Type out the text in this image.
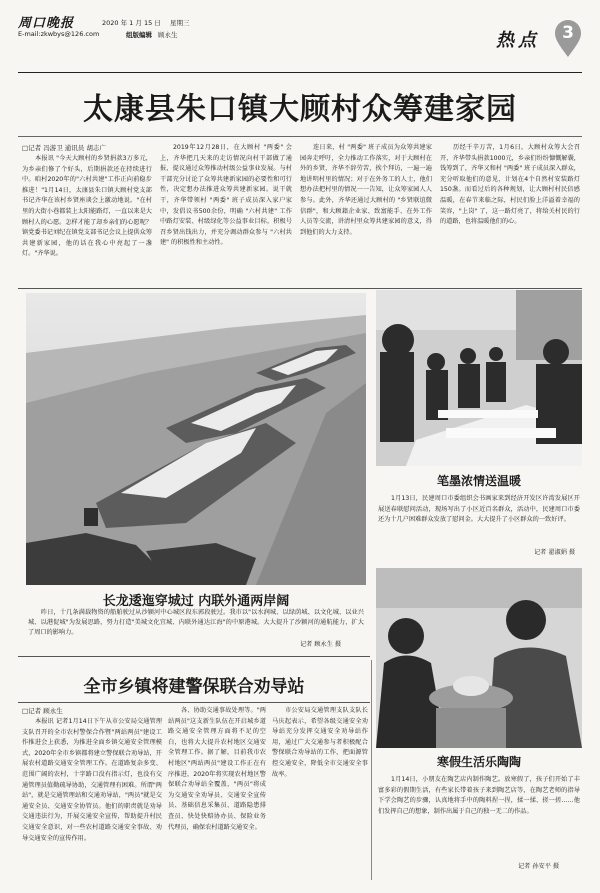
周口晚报
E-mail:zkwbys@126.com
2020 年 1 月 15 日 星期三
组版编辑 顾永生	热点	3
太康县朱口镇大顾村众筹建家园
□记者 冯游卫 通讯员 胡志广

本报讯 "今天大顾村的乡贤捐款3万多元，为乡亲们修了个好头，后期捐款还在持续进行中。咱村2020年的"六村共建"工作正向前稳步推进！"1月14日，太康县朱口镇大顾村党支部书记齐华在该村乡贤座谈会上激动地说。"在村里的大街小巷都装上太阳能路灯，一直以来是大顾村人的心愿。怎样才能了却乡亲们的心愿呢？镇党委书记刘纪在镇党支部书记会议上提供众筹共建新家园，他的话在我心中亮起了一盏灯。"齐华说。

2019年12月28日，在大顾村 "两委" 会上，齐华把几天来的走访情况向村干部做了通报，提议通过众筹推动村级公益事业发展。与村干部充分讨论了众筹共建新家园的必要性和可行性，决定想办法推进众筹共建新家园。说干就干，齐华带领村 "两委" 班子成员深入家户家中，发倡议书500余份，明确 "六村共建" 工作中路灯安装、村级绿化等公益事业目标，积极号召乡贤出钱出力，并充分调动群众参与 "六村共建" 的积极性和主动性。

连日来，村 "两委" 班子成员为众筹共建家园奔走呼吁，全力推动工作落实，对于大顾村在外的乡贤，齐华不辞劳苦，挨个拜访，一遍一遍地讲明村里的情况；对于在外务工的人士，他们想办法把村里的情况一一告知，让众筹家园人人参与。此外，齐华还通过大顾村的 "乡贤联谊微信群"，和大顾籍企业家、致富能手、在外工作人员等交流，讲清村里众筹共建家园的意义，得到他们的大力支持。

历经千辛万苦，1月6日，大顾村众筹大会召开，齐华带头捐款1000元，乡亲们纷纷慷慨解囊，钱筹到了，齐华又和村 "两委" 班子成员深入群众，充分听取他们的意见，计划在4个自然村安装路灯150盏。而看过后的各种规划，让大顾村村民倍感温暖，在春节来临之际，村民们脸上洋溢着幸福的笑容，"上岗" 了，这一路灯亮了，将给关村民的行的道路，也将温暖他们的心。

长龙逶迤穿城过 内联外通两岸阔

昨日，十几条满载物资的船舶驶过从沙颍河中心城区段东郭段驶过。我市以"以水润城、以绿荫城、以文化城、以业兴城、以港促城"为发展思路，努力打造"美城文化宜城、内联外通达江海"的中原港城。大大提升了沙颍河的通航能力，扩大了周口的影响力。

记者 顾永生 摄
笔墨浓情送温暖

1月13日，民建周口市委组织会书画家来到经济开发区许湾发展区开展送春联慰问活动，现场写出了小区近百名群众，活动中，民建周口市委还为十几户困难群众发放了慰问金。大大提升了小区群众的一致好评。

记者 翟淑娟 摄
寒假生活乐陶陶

1月14日，小朋友在陶艺店内制作陶艺。放寒假了，孩子们开始了丰富多彩的假期生活，有些家长带着孩子来到陶艺店等，在陶艺老师的指导下学会陶艺的步骤，认真地将手中的陶料捏一捏，揉一揉、搓一搓……他们发挥自己的想象，制作出属于自己的独一无二的作品。

记者 孙安平 摄
全市乡镇将建警保联合劝导站
□记者 顾永生

本报讯 记者1月14日下午从市公安局交通管理支队召开的全市农村警保合作暨"两站两员"建设工作推进会上获悉，为推进全面乡镇交通安全管理模式，2020年全市乡镇都将建立警保联合劝导站，开展农村道路交通安全管理工作。在道路复杂多变、范围广阔的农村，十字路口没有指示灯，也没有交通管理员值勤疏导协助，交通管理有困难。所谓"两站"，就是交通管理站和交通劝导站，"两员"就是交通安全员、交通安全协管员。他们的职责就是劝导交通违法行为，开展交通安全宣传，帮助提升村民交通安全意识，对一些农村道路交通安全事故、劝导交通安全的宣传作用。

各、协助交通事故处理等。"两站两员"这支新生队伍在开启城乡道路交通安全管理方面将不足的空白，也将大大提升农村地区交通安全管理工作。据了解，目前我市农村地区"两站两员"建设工作正在有序推进，2020年将实现农村地区警保联合劝导站全覆盖，"两员"将成为交通安全劝导员、交通安全宣传员、基础信息采集员、道路隐患排查员、快处快赔协办员、保险业务代理员，确保农村道路交通安全。

市公安局交通管理支队支队长马庆起表示，希望各级交通安全劝导站充分发挥交通安全劝导站作用，通过广大交通参与者积极配合警保联合劝导站的工作，把面源管控交通安全，降低全市交通安全事故率。
